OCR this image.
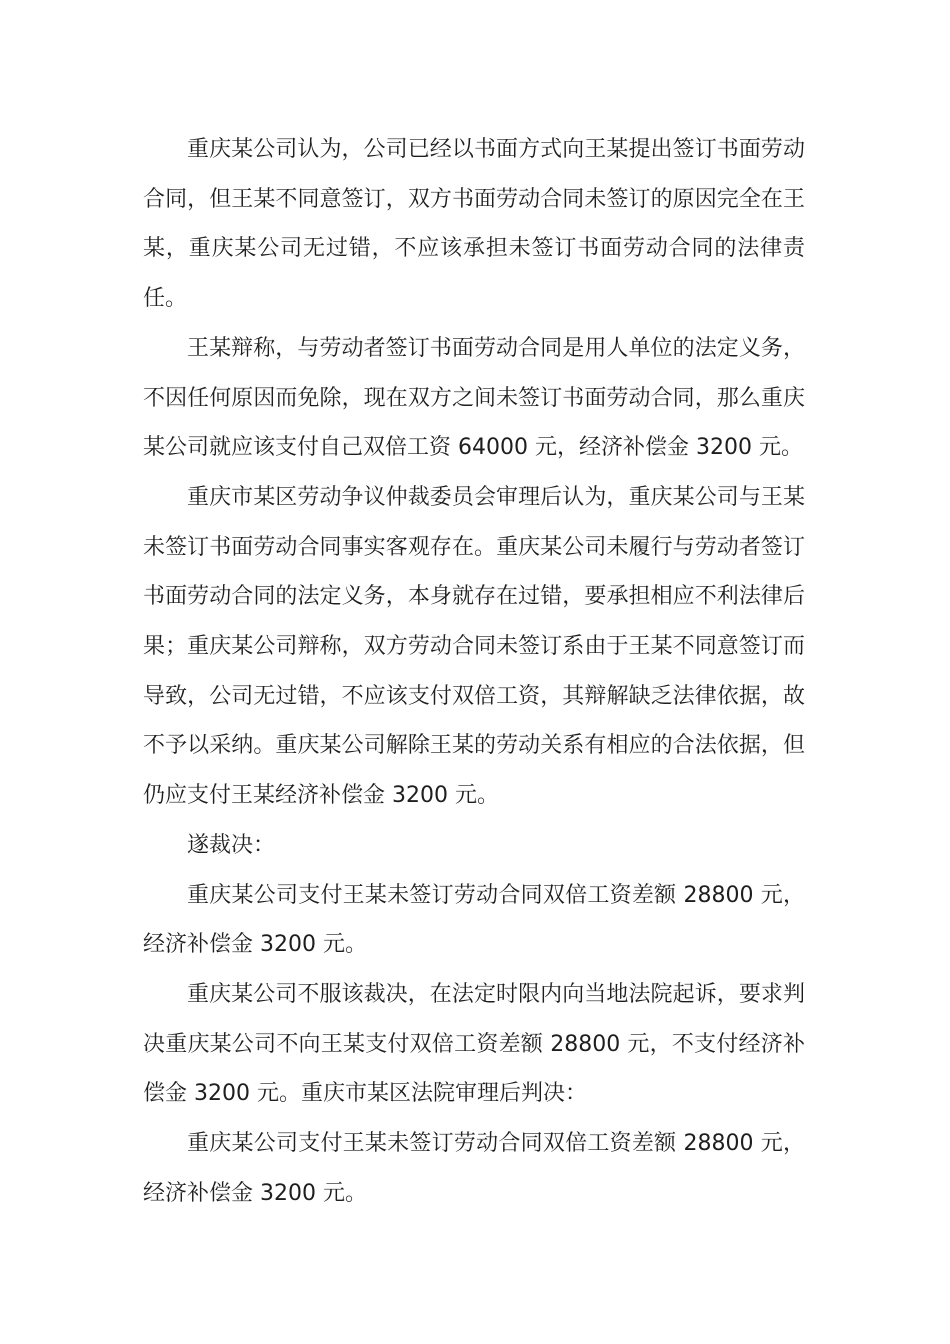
重庆某公司认为，公司已经以书面方式向王某提出签订书面劳动合同，但王某不同意签订，双方书面劳动合同未签订的原因完全在王某，重庆某公司无过错，不应该承担未签订书面劳动合同的法律责任。

王某辩称，与劳动者签订书面劳动合同是用人单位的法定义务，不因任何原因而免除，现在双方之间未签订书面劳动合同，那么重庆某公司就应该支付自己双倍工资 64000 元，经济补偿金 3200 元。

重庆市某区劳动争议仲裁委员会审理后认为，重庆某公司与王某未签订书面劳动合同事实客观存在。重庆某公司未履行与劳动者签订书面劳动合同的法定义务，本身就存在过错，要承担相应不利法律后果；重庆某公司辩称，双方劳动合同未签订系由于王某不同意签订而导致，公司无过错，不应该支付双倍工资，其辩解缺乏法律依据，故不予以采纳。重庆某公司解除王某的劳动关系有相应的合法依据，但仍应支付王某经济补偿金 3200 元。

遂裁决：

重庆某公司支付王某未签订劳动合同双倍工资差额 28800 元，经济补偿金 3200 元。

重庆某公司不服该裁决，在法定时限内向当地法院起诉，要求判决重庆某公司不向王某支付双倍工资差额 28800 元，不支付经济补偿金 3200 元。重庆市某区法院审理后判决：

重庆某公司支付王某未签订劳动合同双倍工资差额 28800 元，经济补偿金 3200 元。
